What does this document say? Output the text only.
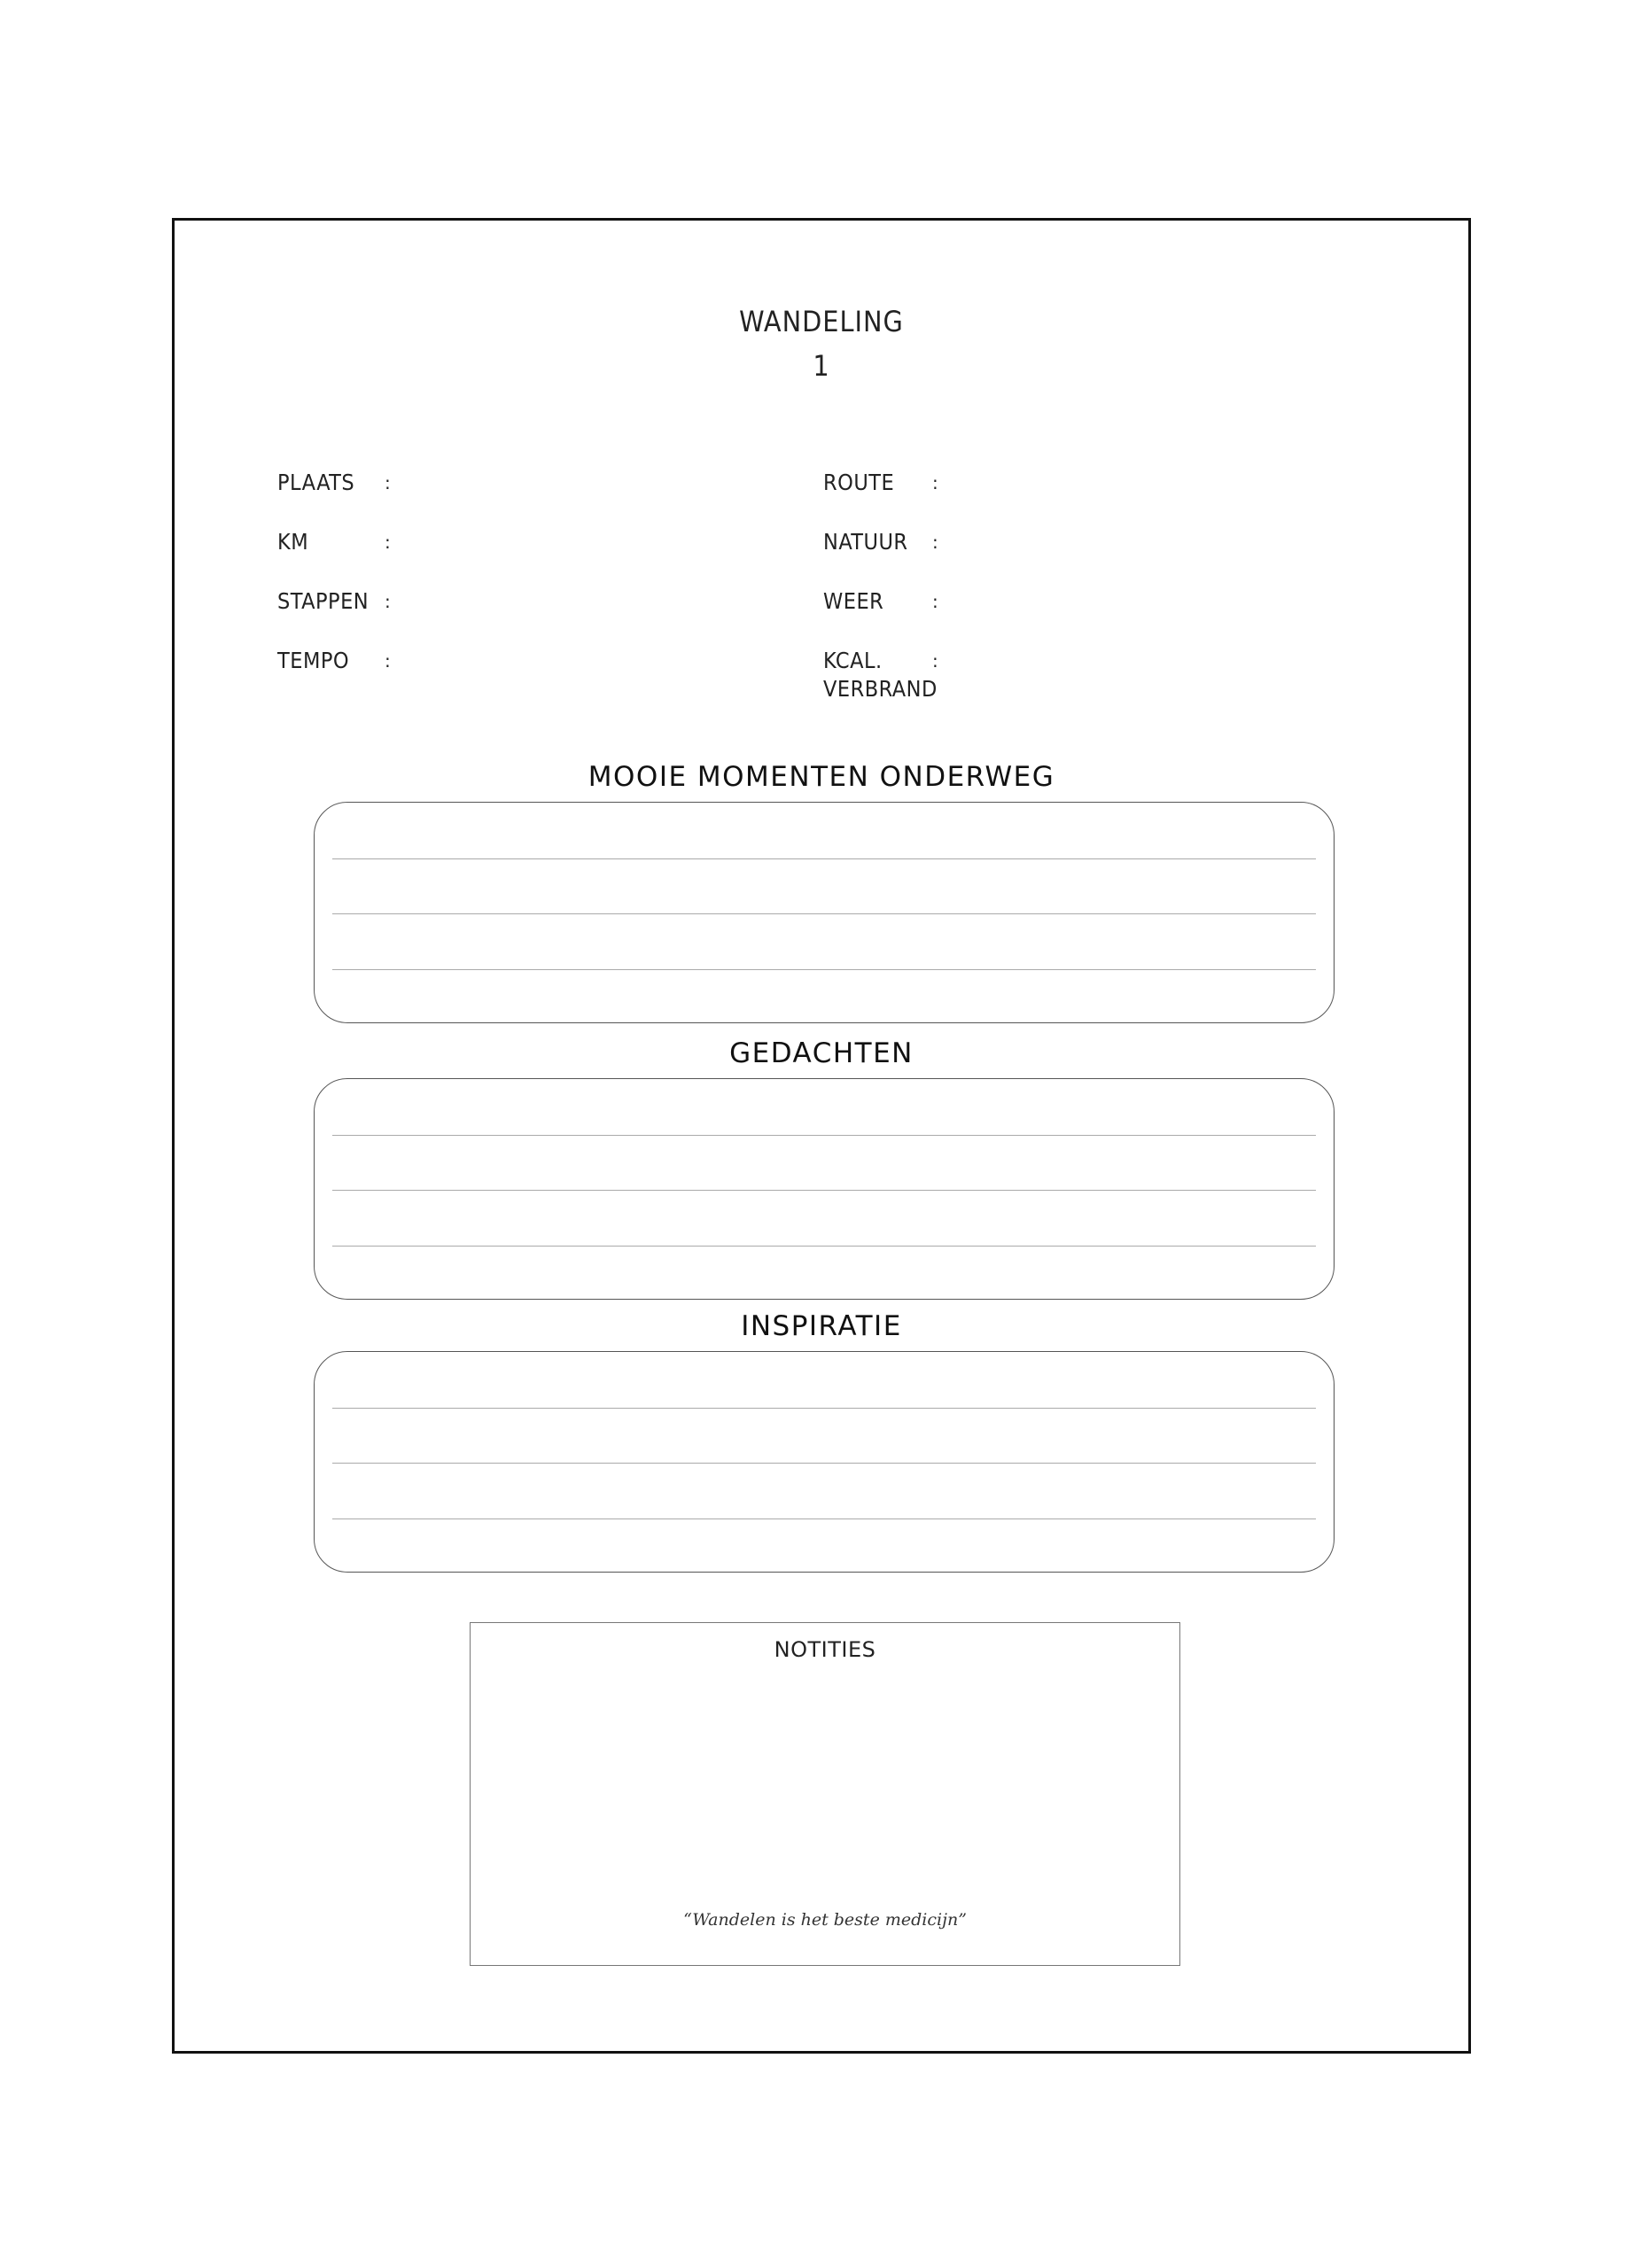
WANDELING
1
PLAATS :
KM	:
STAPPEN :
TEMPO :
ROUTE :
NATUUR :
WEER	:
KCAL.
VERBRAND
:
MOOIE MOMENTEN ONDERWEG
GEDACHTEN
INSPIRATIE
NOTITIES
“Wandelen is het beste medicijn”
